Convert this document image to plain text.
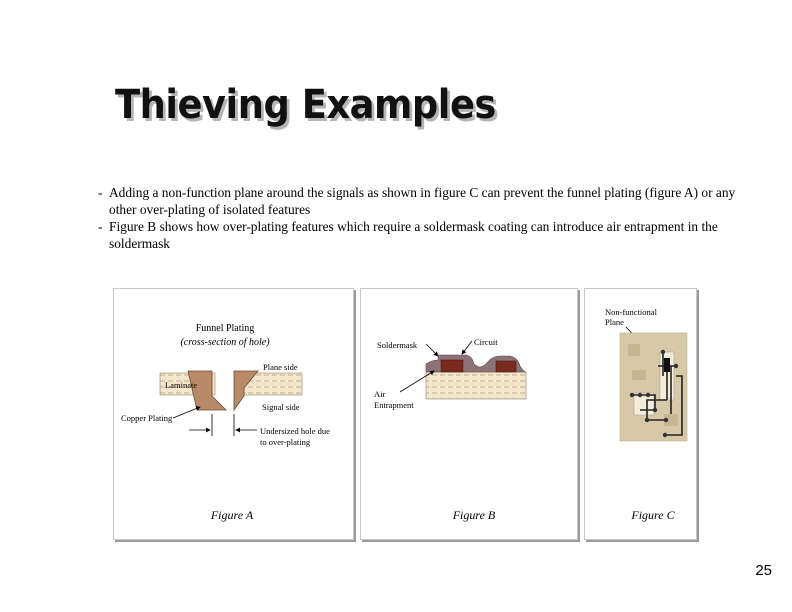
Thieving Examples
- Adding a non-function plane around the signals as shown in figure C can prevent the funnel plating (figure A) or any other over-plating of isolated features
- Figure B shows how over-plating features which require a soldermask coating can introduce air entrapment in the soldermask
Funnel Plating
(cross-section of hole)
Plane side
Laminate
Signal side
Copper Plating
Undersized hole due
to over-plating
Figure A
Soldermask	Circuit
Air
Entrapment
Figure B
Non-functional
Plane
Figure C
25
